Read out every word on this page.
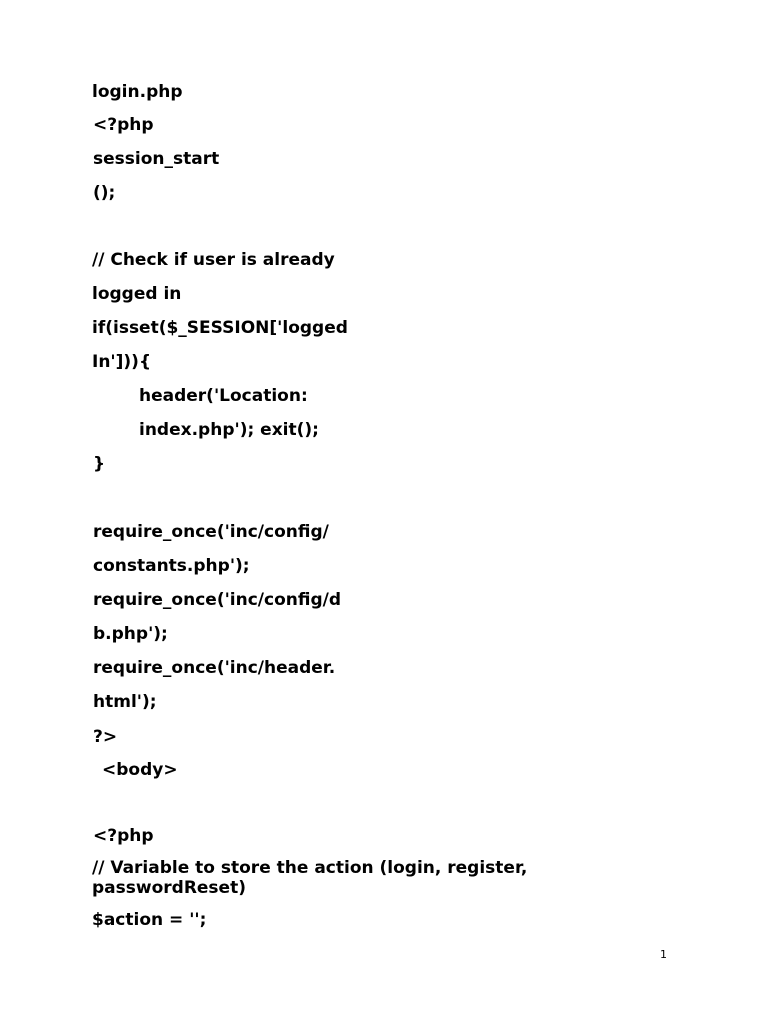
login.php
<?php
session_start
();
// Check if user is already
logged in
if(isset($_SESSION['logged
In'])){
header('Location:
index.php'); exit();
}
require_once('inc/config/
constants.php');
require_once('inc/config/d
b.php');
require_once('inc/header.
html');
?>
<body>
<?php
// Variable to store the action (login, register,
passwordReset)
$action = '';
1
